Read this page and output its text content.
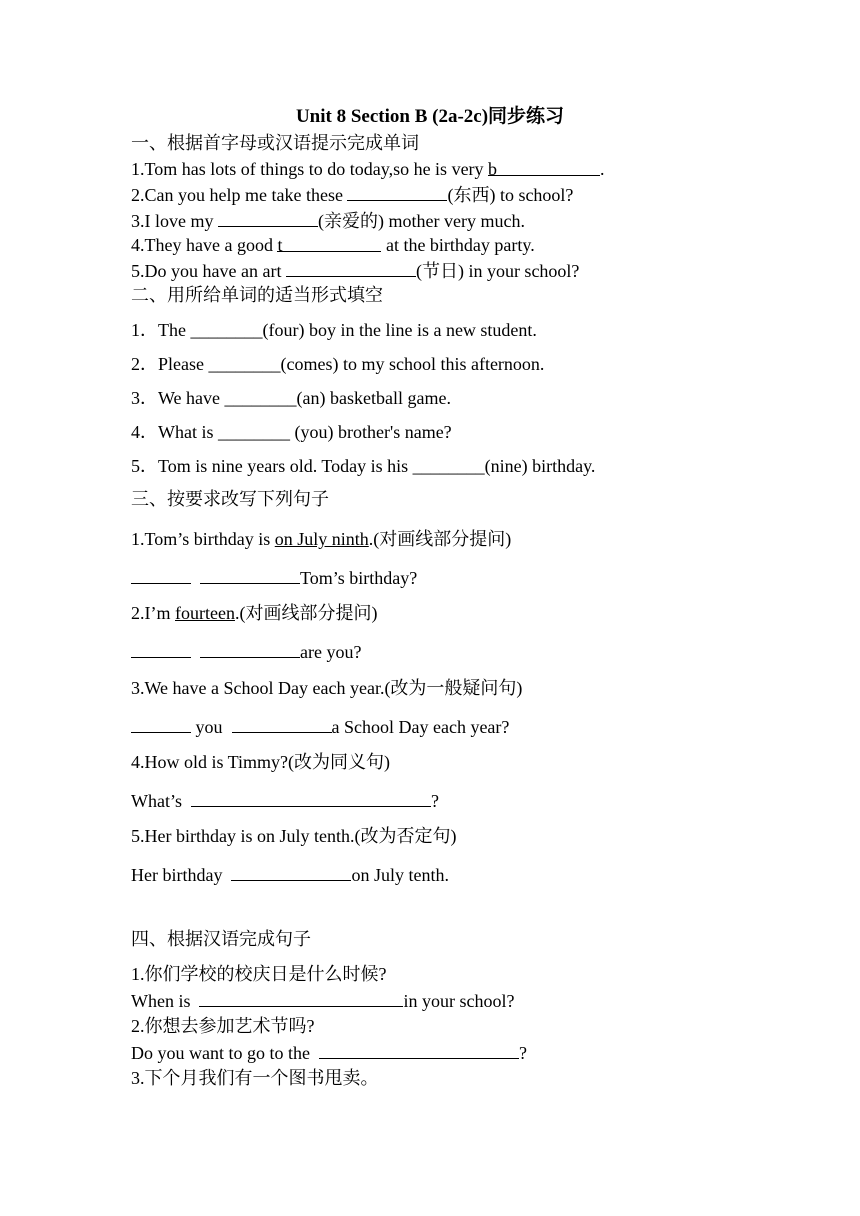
Unit 8 Section B (2a-2c)同步练习
一、根据首字母或汉语提示完成单词
1.Tom has lots of things to do today,so he is very b	.
2.Can you help me take these	(东西) to school?
3.I love my	(亲爱的) mother very much.
4.They have a good t	at the birthday party.
5.Do you have an art	(节日) in your school?
二、用所给单词的适当形式填空
1．The ________(four) boy in the line is a new student.
2．Please ________(comes) to my school this afternoon.
3．We have ________(an) basketball game.
4．What is ________ (you) brother's name?
5．Tom is nine years old. Today is his ________(nine) birthday.
三、按要求改写下列句子
1.Tom’s birthday is on July ninth.(对画线部分提问)
Tom’s birthday?
2.I’m fourteen.(对画线部分提问)
are you?
3.We have a School Day each year.(改为一般疑问句)
you	a School Day each year?
4.How old is Timmy?(改为同义句)
What’s	?
5.Her birthday is on July tenth.(改为否定句)
Her birthday	on July tenth.
四、根据汉语完成句子
1.你们学校的校庆日是什么时候?
When is	in your school?
2.你想去参加艺术节吗?
Do you want to go to the	?
3.下个月我们有一个图书甩卖。
